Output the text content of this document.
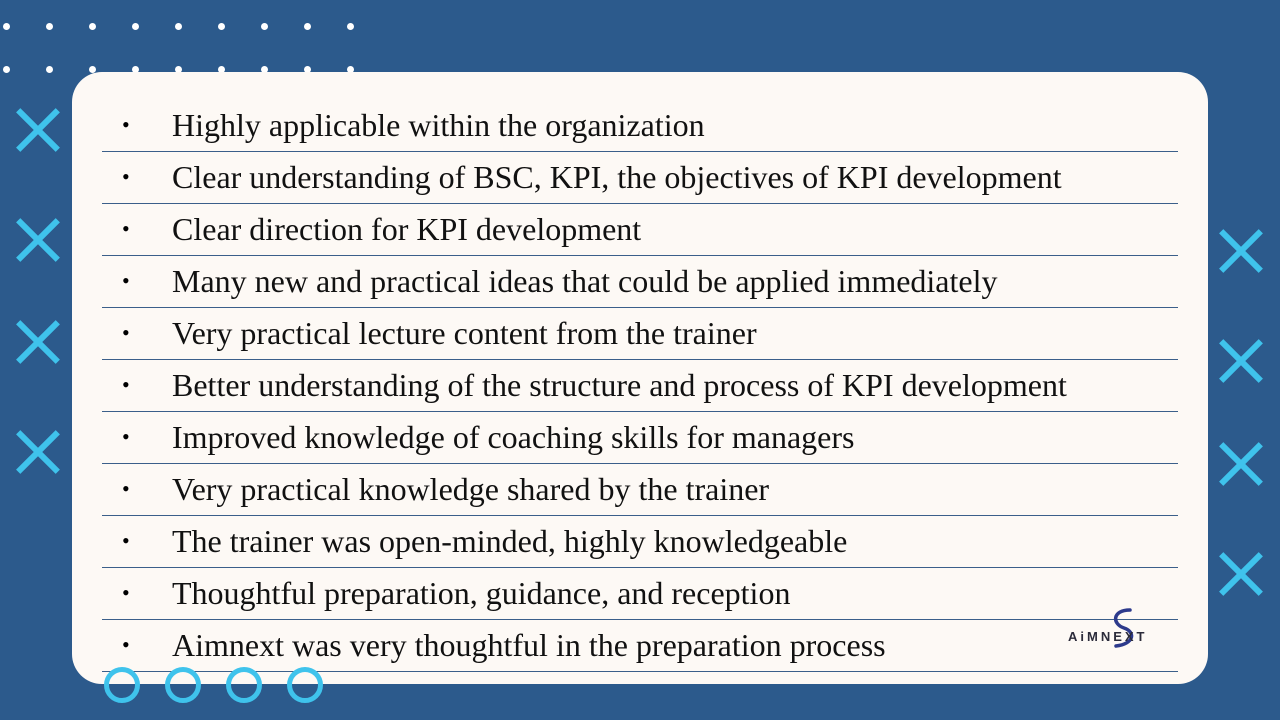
• Highly applicable within the organization
• Clear understanding of BSC, KPI, the objectives of KPI development
• Clear direction for KPI development
• Many new and practical ideas that could be applied immediately
• Very practical lecture content from the trainer
• Better understanding of the structure and process of KPI development
• Improved knowledge of coaching skills for managers
• Very practical knowledge shared by the trainer
• The trainer was open-minded, highly knowledgeable
• Thoughtful preparation, guidance, and reception
• Aimnext was very thoughtful in the preparation process	AiMNEXT
